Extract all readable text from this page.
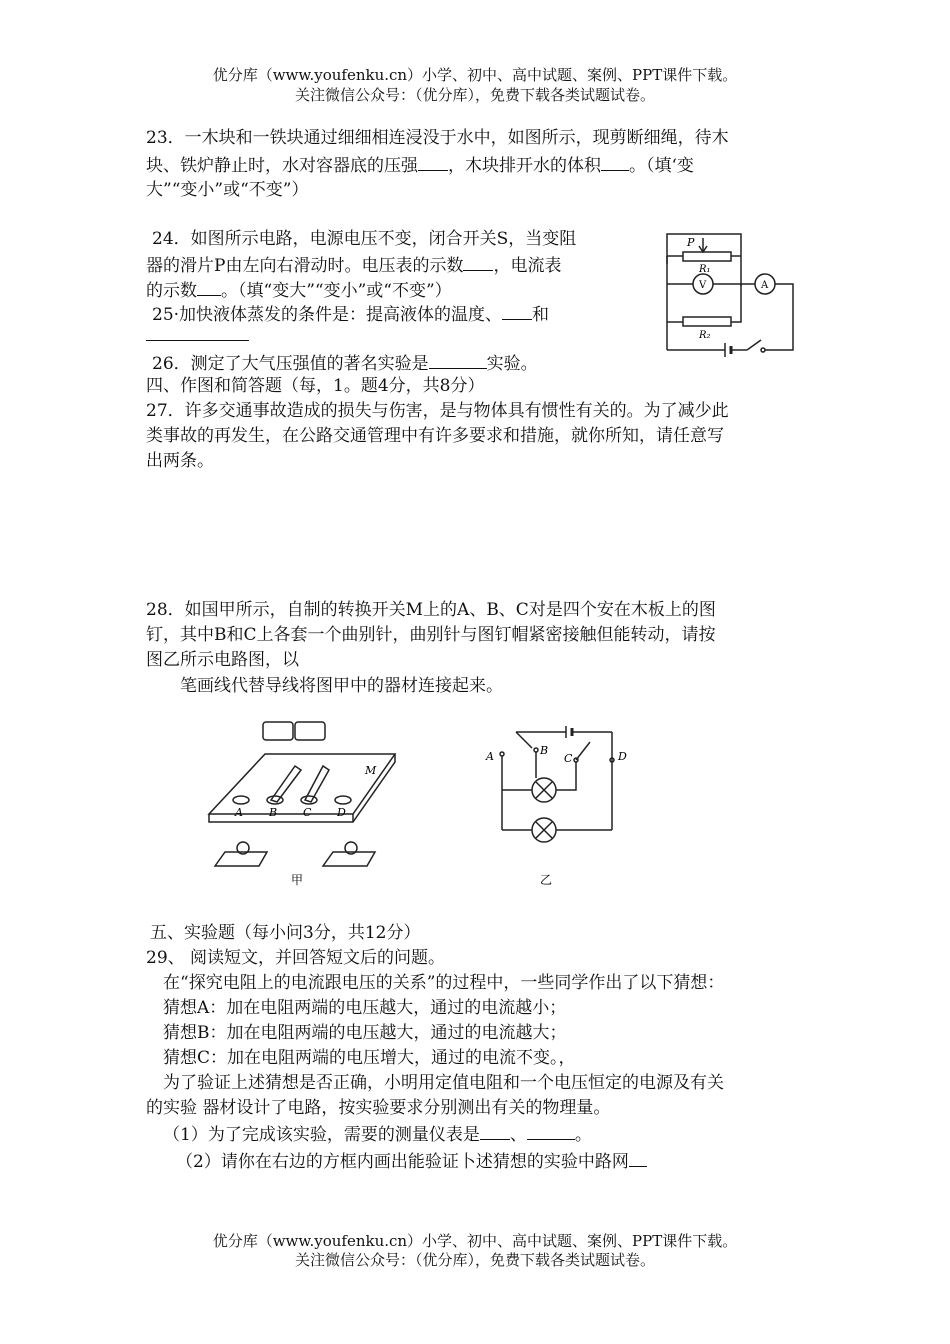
优分库（www.youfenku.cn）小学、初中、高中试题、案例、PPT课件下载。
关注微信公众号：（优分库），免费下载各类试题试卷。
23．一木块和一铁块通过细细相连浸没于水中，如图所示，现剪断细绳，待木
块、铁炉静止时，水对容器底的压强 ，木块排开水的体积 。（填‘变
大”“变小”或“不变”）
24．如图所示电路，电源电压不变，闭合开关S，当变阻
器的滑片P由左向右滑动时。电压表的示数 ，电流表
的示数 。（填“变大”“变小”或“不变”）
25·加快液体蒸发的条件是：提高液体的温度、 和
26．测定了大气压强值的著名实验是	实验。
四、作图和简答题（每，1。题4分，共8分）
27．许多交通事故造成的损失与伤害，是与物体具有惯性有关的。为了减少此
类事故的再发生，在公路交通管理中有许多要求和措施，就你所知，请任意写
出两条。
28．如国甲所示，自制的转换开关M上的A、B、C对是四个安在木板上的图
钉，其中B和C上各套一个曲别针，曲别针与图钉帽紧密接触但能转动，请按
图乙所示电路图，以
笔画线代替导线将图甲中的器材连接起来。
P
R₁
R₂
V	A
M
A B C D
甲
A	B
C	D
乙
五、实验题（每小问3分，共12分）
29、 阅读短文，并回答短文后的问题。
在“探究电阻上的电流跟电压的关系”的过程中，一些同学作出了以下猜想：
猜想A：加在电阻两端的电压越大，通过的电流越小；
猜想B：加在电阻两端的电压越大，通过的电流越大；
猜想C：加在电阻两端的电压增大，通过的电流不变。，
为了验证上述猜想是否正确，小明用定值电阻和一个电压恒定的电源及有关
的实验 器材设计了电路，按实验要求分别测出有关的物理量。
（1）为了完成该实验，需要的测量仪表是 、	。
（2）请你在右边的方框内画出能验证卜述猜想的实验中路网
优分库（www.youfenku.cn）小学、初中、高中试题、案例、PPT课件下载。
关注微信公众号：（优分库），免费下载各类试题试卷。
